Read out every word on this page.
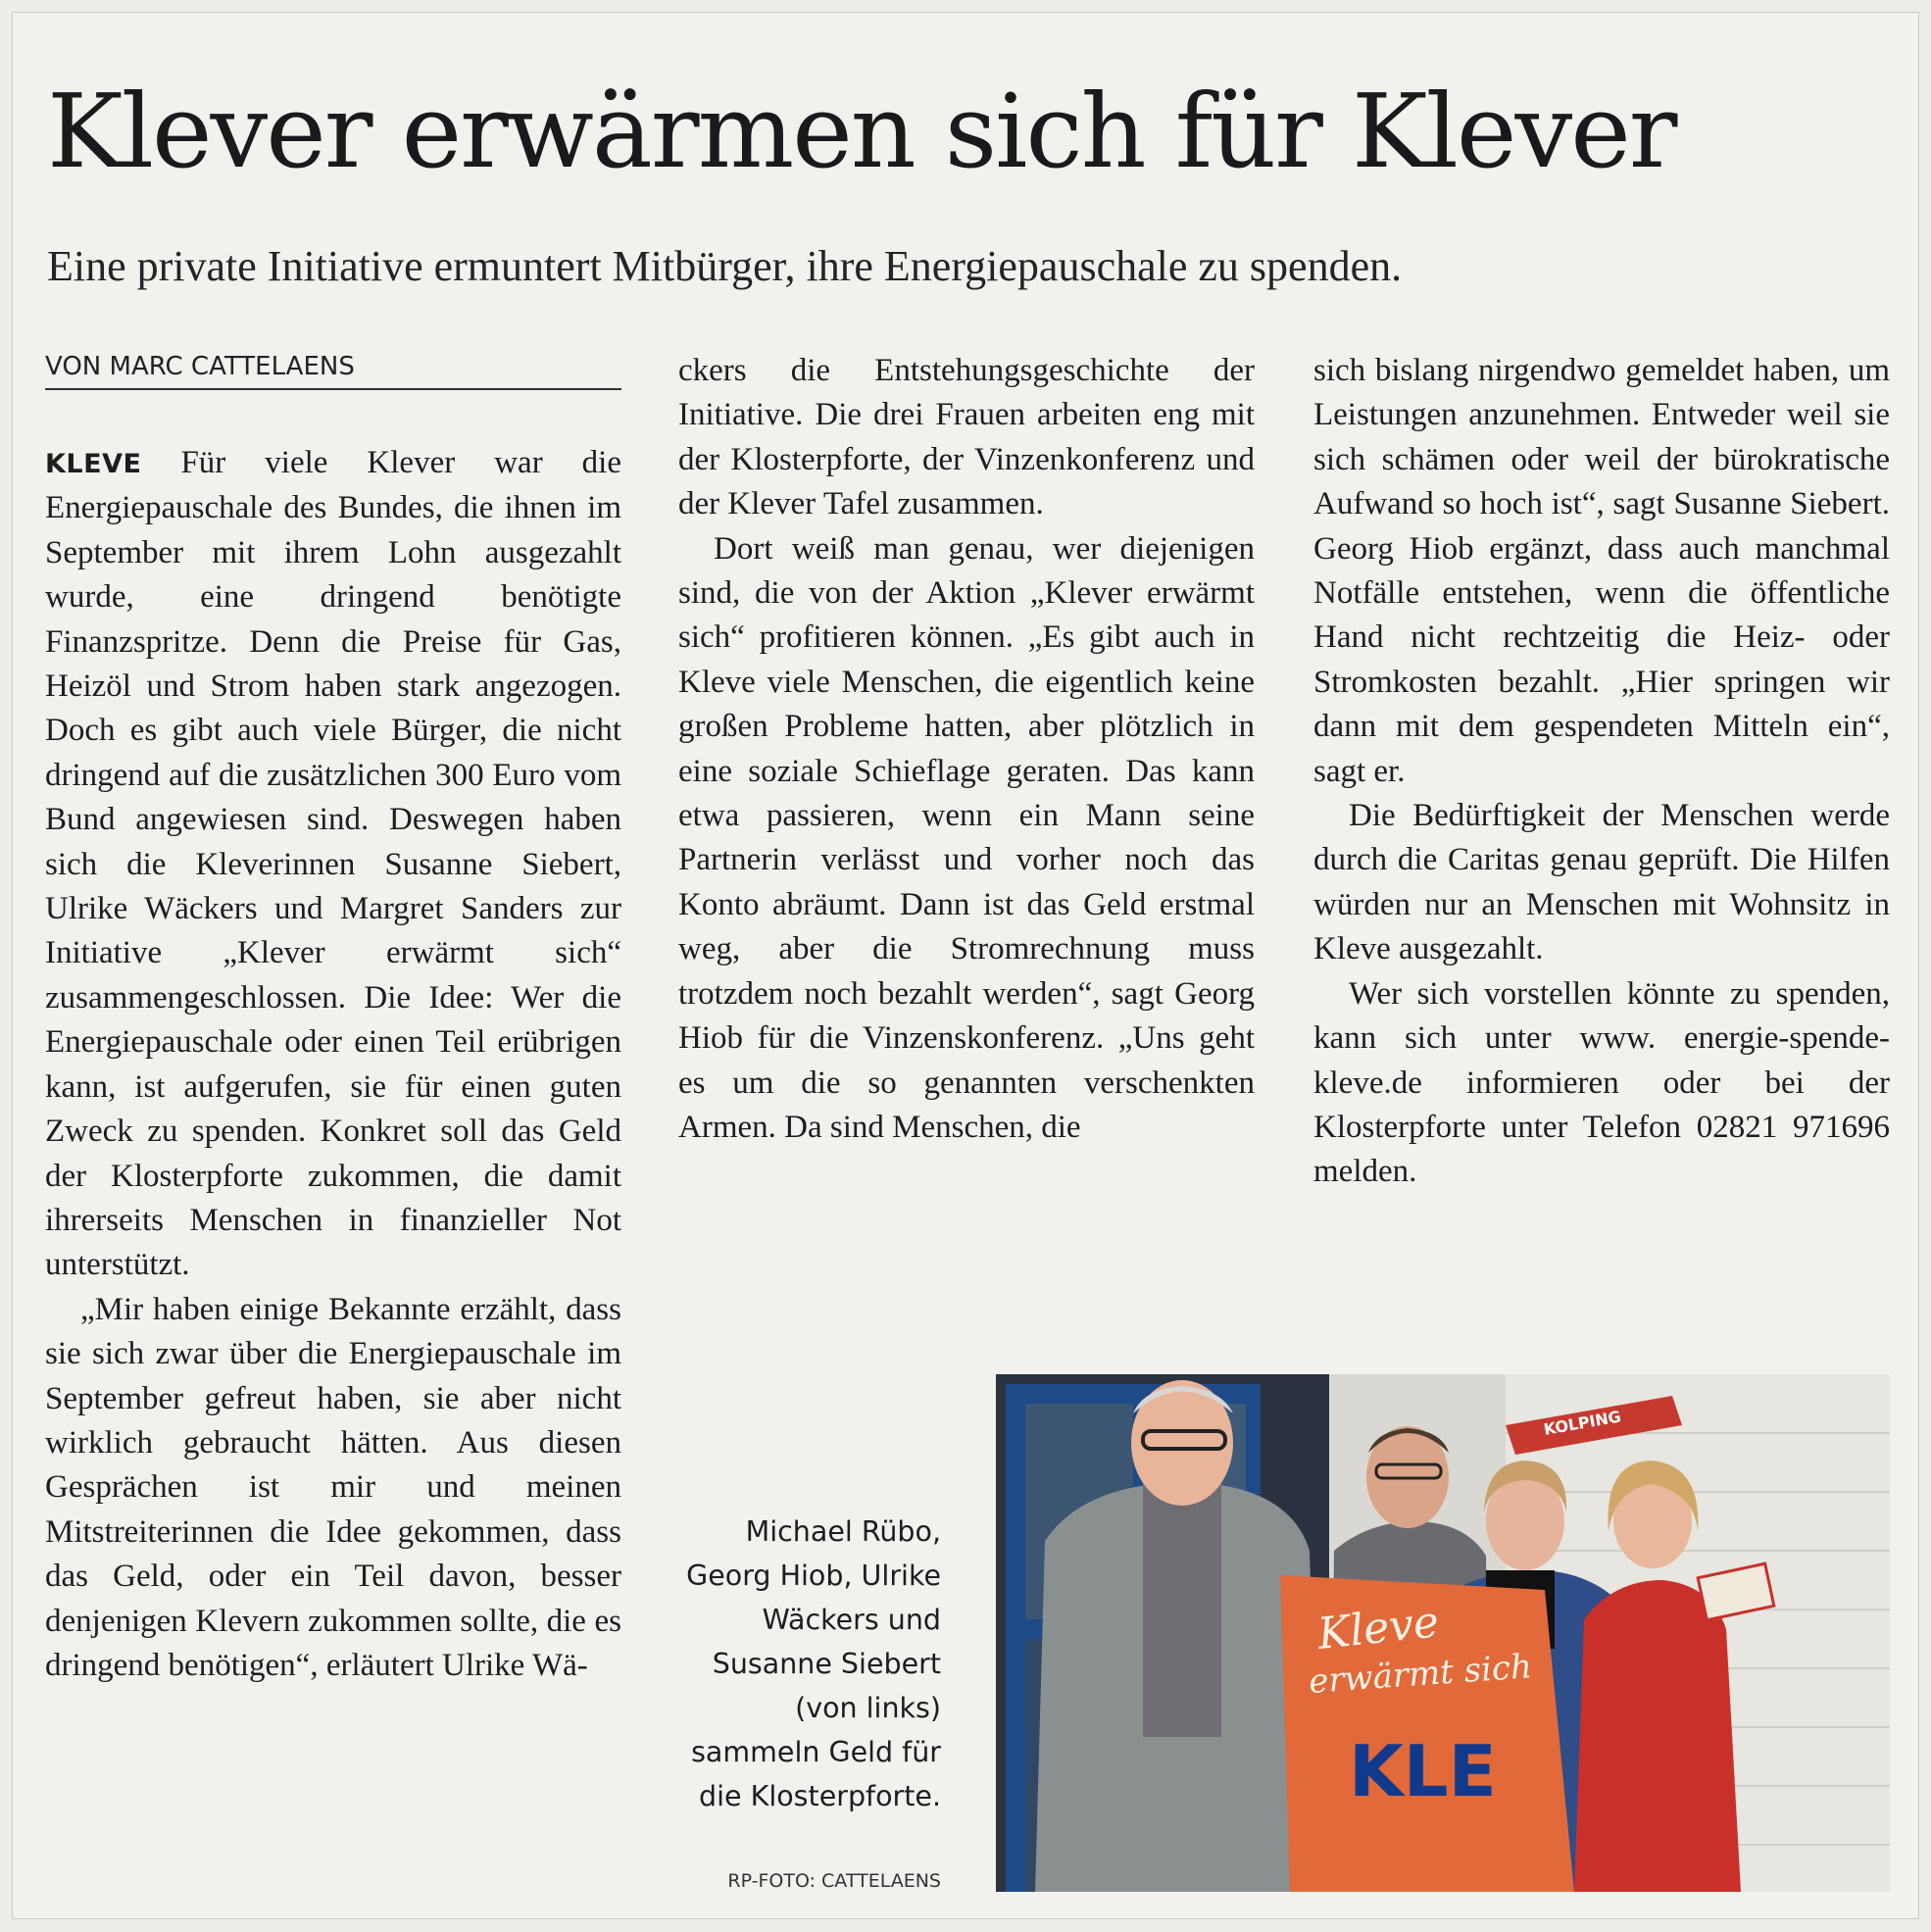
Klever erwärmen sich für Klever
Eine private Initiative ermuntert Mitbürger, ihre Energiepauschale zu spenden.
VON MARC CATTELAENS

KLEVE Für viele Klever war die Energiepauschale des Bundes, die ihnen im September mit ihrem Lohn ausgezahlt wurde, eine dringend benötigte Finanzspritze. Denn die Preise für Gas, Heizöl und Strom haben stark angezogen. Doch es gibt auch viele Bürger, die nicht dringend auf die zusätzlichen 300 Euro vom Bund angewiesen sind. Deswegen haben sich die Kleverinnen Susanne Siebert, Ulrike Wäckers und Margret Sanders zur Initiative „Klever erwärmt sich“ zusammengeschlossen. Die Idee: Wer die Energiepauschale oder einen Teil erübrigen kann, ist aufgerufen, sie für einen guten Zweck zu spenden. Konkret soll das Geld der Klosterpforte zukommen, die damit ihrerseits Menschen in finanzieller Not unterstützt.

„Mir haben einige Bekannte erzählt, dass sie sich zwar über die Energiepauschale im September gefreut haben, sie aber nicht wirklich gebraucht hätten. Aus diesen Gesprächen ist mir und meinen Mitstreiterinnen die Idee gekommen, dass das Geld, oder ein Teil davon, besser denjenigen Klevern zukommen sollte, die es dringend benötigen“, erläutert Ulrike Wä-

ckers die Entstehungsgeschichte der Initiative. Die drei Frauen arbeiten eng mit der Klosterpforte, der Vinzenkonferenz und der Klever Tafel zusammen.

Dort weiß man genau, wer diejenigen sind, die von der Aktion „Klever erwärmt sich“ profitieren können. „Es gibt auch in Kleve viele Menschen, die eigentlich keine großen Probleme hatten, aber plötzlich in eine soziale Schieflage geraten. Das kann etwa passieren, wenn ein Mann seine Partnerin verlässt und vorher noch das Konto abräumt. Dann ist das Geld erstmal weg, aber die Stromrechnung muss trotzdem noch bezahlt werden“, sagt Georg Hiob für die Vinzenskonferenz. „Uns geht es um die so genannten verschenkten Armen. Da sind Menschen, die

sich bislang nirgendwo gemeldet haben, um Leistungen anzunehmen. Entweder weil sie sich schämen oder weil der bürokratische Aufwand so hoch ist“, sagt Susanne Siebert. Georg Hiob ergänzt, dass auch manchmal Notfälle entstehen, wenn die öffentliche Hand nicht rechtzeitig die Heiz- oder Stromkosten bezahlt. „Hier springen wir dann mit dem gespendeten Mitteln ein“, sagt er.

Die Bedürftigkeit der Menschen werde durch die Caritas genau geprüft. Die Hilfen würden nur an Menschen mit Wohnsitz in Kleve ausgezahlt.

Wer sich vorstellen könnte zu spenden, kann sich unter www. energie-spende-kleve.de informieren oder bei der Klosterpforte unter Telefon 02821 971696 melden.

Michael Rübo, Georg Hiob, Ulrike Wäckers und Susanne Siebert (von links) sammeln Geld für die Klosterpforte.
RP-FOTO: CATTELAENS
KOLPING
Kleve
erwärmt sich
KLE
